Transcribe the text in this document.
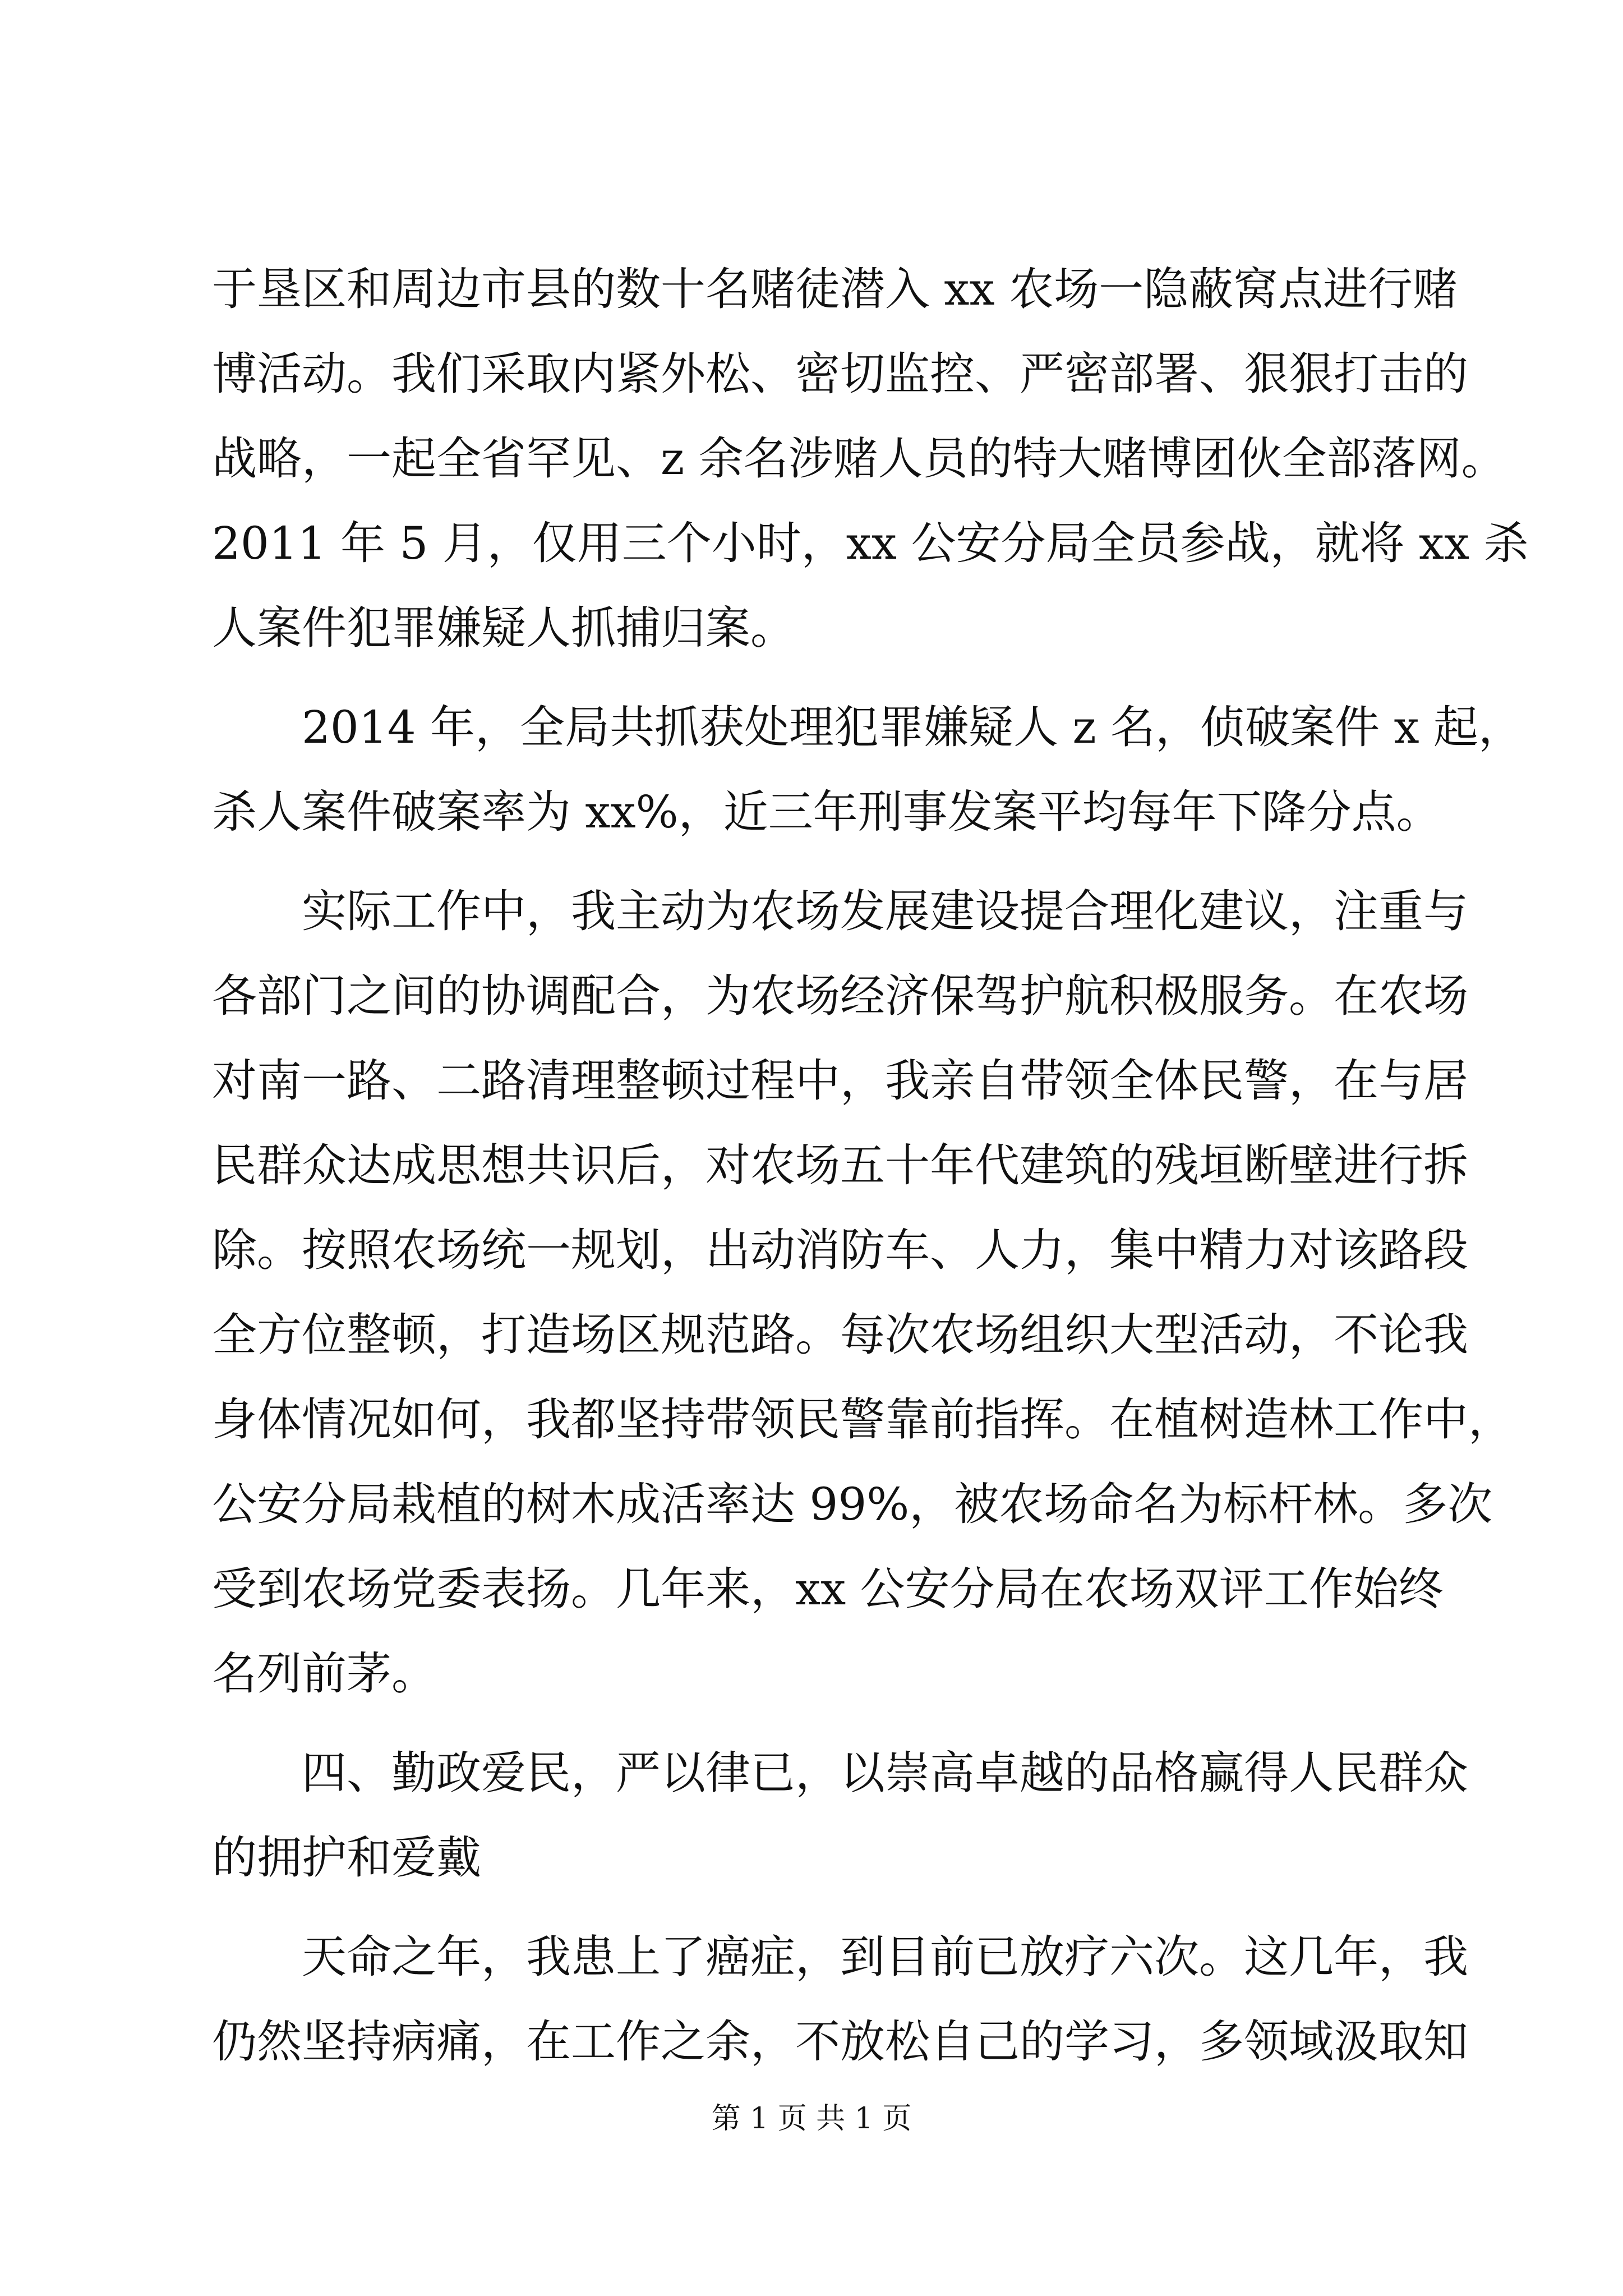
于垦区和周边市县的数十名赌徒潜入 xx 农场一隐蔽窝点进行赌
博活动。我们采取内紧外松、密切监控、严密部署、狠狠打击的
战略，一起全省罕见、z 余名涉赌人员的特大赌博团伙全部落网。
2011 年 5 月，仅用三个小时，xx 公安分局全员参战，就将 xx 杀
人案件犯罪嫌疑人抓捕归案。
2014 年，全局共抓获处理犯罪嫌疑人 z 名，侦破案件 x 起，
杀人案件破案率为 xx%，近三年刑事发案平均每年下降分点。
实际工作中，我主动为农场发展建设提合理化建议，注重与
各部门之间的协调配合，为农场经济保驾护航积极服务。在农场
对南一路、二路清理整顿过程中，我亲自带领全体民警，在与居
民群众达成思想共识后，对农场五十年代建筑的残垣断壁进行拆
除。按照农场统一规划，出动消防车、人力，集中精力对该路段
全方位整顿，打造场区规范路。每次农场组织大型活动，不论我
身体情况如何，我都坚持带领民警靠前指挥。在植树造林工作中，
公安分局栽植的树木成活率达 99%，被农场命名为标杆林。多次
受到农场党委表扬。几年来，xx 公安分局在农场双评工作始终
名列前茅。
四、勤政爱民，严以律已，以崇高卓越的品格赢得人民群众
的拥护和爱戴
天命之年，我患上了癌症，到目前已放疗六次。这几年，我
仍然坚持病痛，在工作之余，不放松自己的学习，多领域汲取知
第 1 页 共 1 页
